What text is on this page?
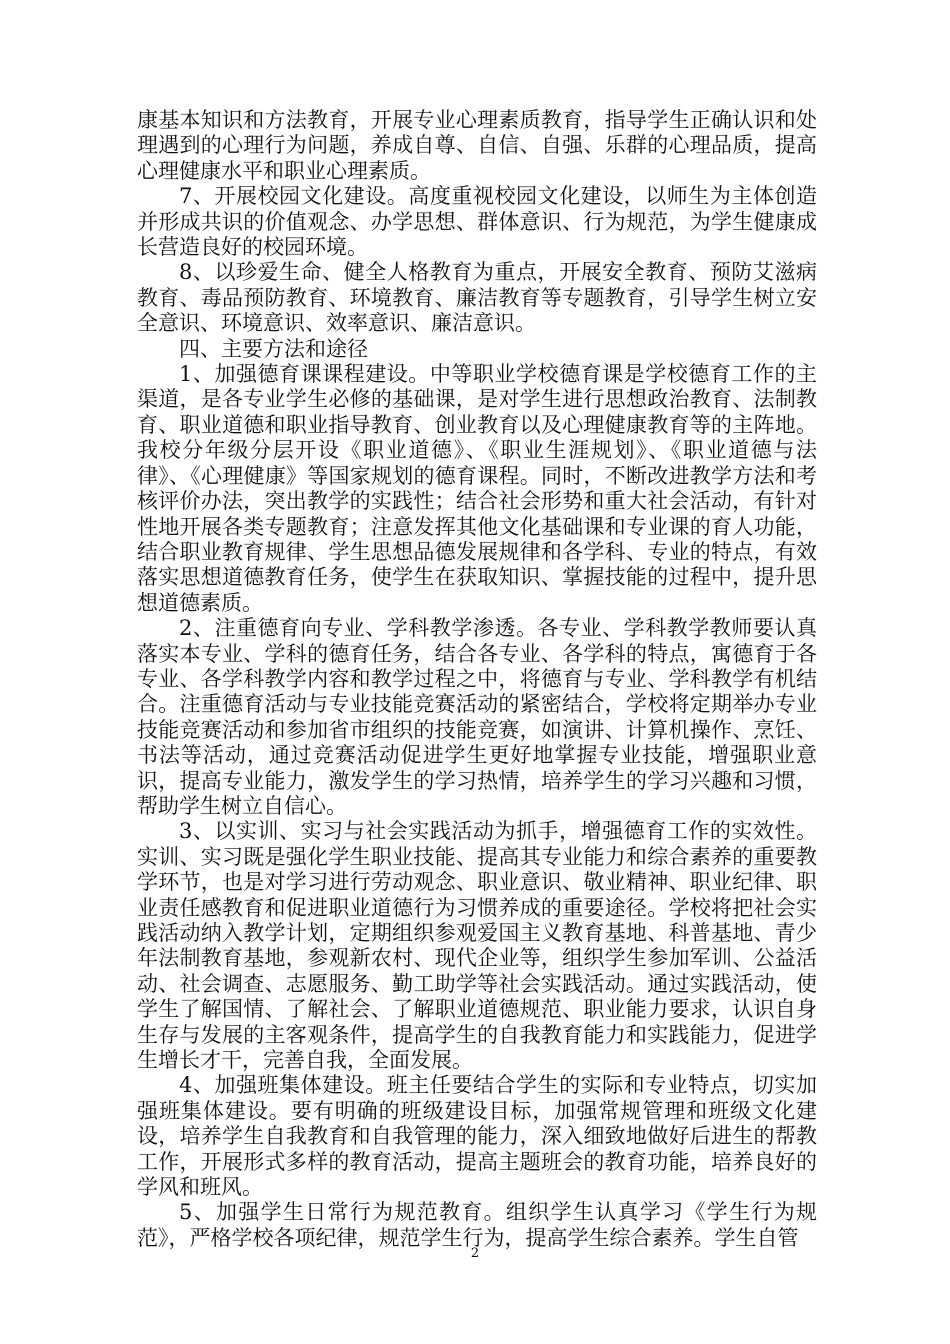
康基本知识和方法教育，开展专业心理素质教育，指导学生正确认识和处理遇到的心理行为问题，养成自尊、自信、自强、乐群的心理品质，提高心理健康水平和职业心理素质。

7、开展校园文化建设。高度重视校园文化建设，以师生为主体创造并形成共识的价值观念、办学思想、群体意识、行为规范，为学生健康成长营造良好的校园环境。

8、以珍爱生命、健全人格教育为重点，开展安全教育、预防艾滋病教育、毒品预防教育、环境教育、廉洁教育等专题教育，引导学生树立安全意识、环境意识、效率意识、廉洁意识。

四、主要方法和途径

1、加强德育课课程建设。中等职业学校德育课是学校德育工作的主渠道，是各专业学生必修的基础课，是对学生进行思想政治教育、法制教育、职业道德和职业指导教育、创业教育以及心理健康教育等的主阵地。我校分年级分层开设《职业道德》、《职业生涯规划》、《职业道德与法律》、《心理健康》等国家规划的德育课程。同时，不断改进教学方法和考核评价办法，突出教学的实践性；结合社会形势和重大社会活动，有针对性地开展各类专题教育；注意发挥其他文化基础课和专业课的育人功能，结合职业教育规律、学生思想品德发展规律和各学科、专业的特点，有效落实思想道德教育任务，使学生在获取知识、掌握技能的过程中，提升思想道德素质。

2、注重德育向专业、学科教学渗透。各专业、学科教学教师要认真落实本专业、学科的德育任务，结合各专业、各学科的特点，寓德育于各专业、各学科教学内容和教学过程之中，将德育与专业、学科教学有机结合。注重德育活动与专业技能竞赛活动的紧密结合，学校将定期举办专业技能竞赛活动和参加省市组织的技能竞赛，如演讲、计算机操作、烹饪、书法等活动，通过竞赛活动促进学生更好地掌握专业技能，增强职业意识，提高专业能力，激发学生的学习热情，培养学生的学习兴趣和习惯，帮助学生树立自信心。

3、以实训、实习与社会实践活动为抓手，增强德育工作的实效性。实训、实习既是强化学生职业技能、提高其专业能力和综合素养的重要教学环节，也是对学习进行劳动观念、职业意识、敬业精神、职业纪律、职业责任感教育和促进职业道德行为习惯养成的重要途径。学校将把社会实践活动纳入教学计划，定期组织参观爱国主义教育基地、科普基地、青少年法制教育基地，参观新农村、现代企业等，组织学生参加军训、公益活动、社会调查、志愿服务、勤工助学等社会实践活动。通过实践活动，使学生了解国情、了解社会、了解职业道德规范、职业能力要求，认识自身生存与发展的主客观条件，提高学生的自我教育能力和实践能力，促进学生增长才干，完善自我，全面发展。

4、加强班集体建设。班主任要结合学生的实际和专业特点，切实加强班集体建设。要有明确的班级建设目标，加强常规管理和班级文化建设，培养学生自我教育和自我管理的能力，深入细致地做好后进生的帮教工作，开展形式多样的教育活动，提高主题班会的教育功能，培养良好的学风和班风。

5、加强学生日常行为规范教育。组织学生认真学习《学生行为规范》，严格学校各项纪律，规范学生行为，提高学生综合素养。学生自管

2
